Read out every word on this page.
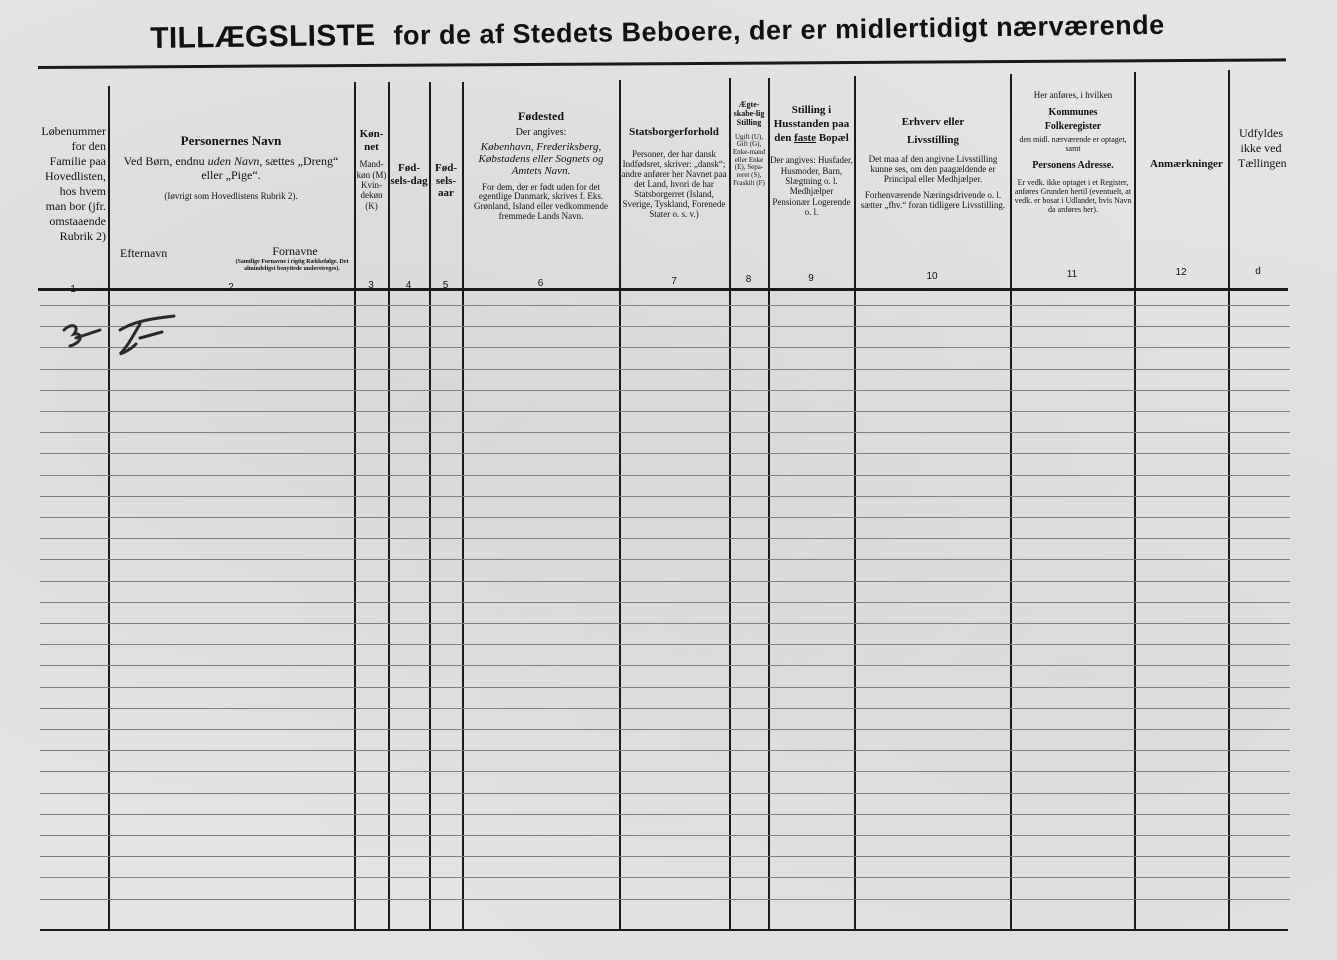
TILLÆGSLISTE for de af Stedets Beboere, der er midlertidigt nærværende
Løbenummer for den Familie paa Hovedlisten, hos hvem man bor (jfr. omstaaende Rubrik 2)
Personernes Navn
Ved Børn, endnu uden Navn, sættes „Dreng“ eller „Pige“.
(Iøvrigt som Hovedlistens Rubrik 2).
Efternavn	Fornavne
(Samtlige Fornavne i rigtig Rækkefølge. Det almindeligst benyttede understreges).
Køn-net
Mand-køn (M) Kvin-dekøn (K)
Fød-sels-dag
Fød-sels-aar
Fødested
Der angives:
København, Frederiksberg, Købstadens eller Sognets og Amtets Navn.
For dem, der er født uden for det egentlige Danmark, skrives f. Eks. Grønland, Island eller vedkommende fremmede Lands Navn.
Statsborgerforhold
Personer, der har dansk Indfødsret, skriver: „dansk“; andre anfører her Navnet paa det Land, hvori de har Statsborgerret (Island, Sverige, Tyskland, Forenede Stater o. s. v.)
Ægte-skabe-lig Stilling
Ugift (U), Gift (G), Enke-mand eller Enke (E), Sepa-reret (S), Fraskilt (F)
Stilling i Husstanden paa den faste Bopæl
Der angives: Husfader, Husmoder, Barn, Slægtning o. l. Medhjælper Pensionær Logerende o. l.
Erhverv eller Livsstilling
Det maa af den angivne Livsstilling kunne ses, om den paagældende er Principal eller Medhjælper.
Forhenværende Næringsdrivende o. l. sætter „fhv.“ foran tidligere Livsstilling.
Her anføres, i hvilken
Kommunes Folkeregister
den midl. nærværende er optaget, samt
Personens Adresse.
Er vedk. ikke optaget i et Register, anføres Grunden hertil (eventuelt, at vedk. er bosat i Udlandet, hvis Navn da anføres her).
Anmærkninger
Udfyldes ikke ved Tællingen
1	2	3	4	5	6	7	8	9	10	11	12	d
